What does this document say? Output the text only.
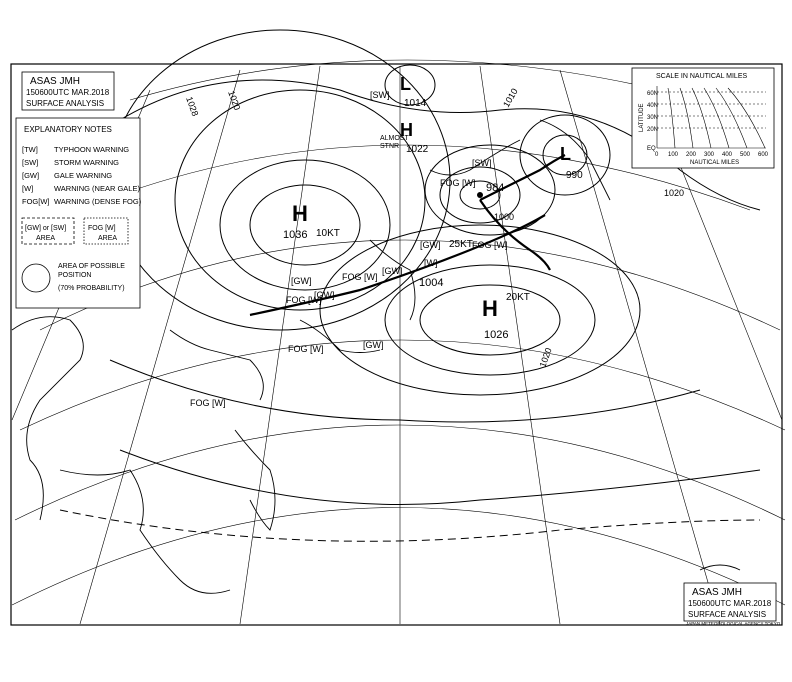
H
1036 10KT
H
1026
20KT
1004
25KT
984
L
990
L
1014
H
1022
ALMOST
STNR
1028
1020
1010
1020
1020
1000
FOG [W]
FOG [W]
FOG [W]
FOG [W]
FOG [W]
FOG [W]
[GW]
[GW]
[GW]
[GW]
[GW]
[SW]
[SW]
[W]
ASAS JMH
150600UTC MAR.2018
SURFACE ANALYSIS
EXPLANATORY NOTES
[TW] TYPHOON WARNING
[SW] STORM WARNING
[GW] GALE WARNING
[W]	WARNING (NEAR GALE)
FOG[W] WARNING (DENSE FOG)
[GW] or [SW]
AREA
FOG [W]
AREA
AREA OF POSSIBLE
POSITION
(70% PROBABILITY)
SCALE IN NAUTICAL MILES
LATITUDE
60N
40N
30N
20N
EQ
0 100 200 300 400 500 600
NAUTICAL MILES
ASAS JMH
150600UTC MAR.2018
SURFACE ANALYSIS
JAPAN METEOROLOGICAL AGENCY TOKYO
